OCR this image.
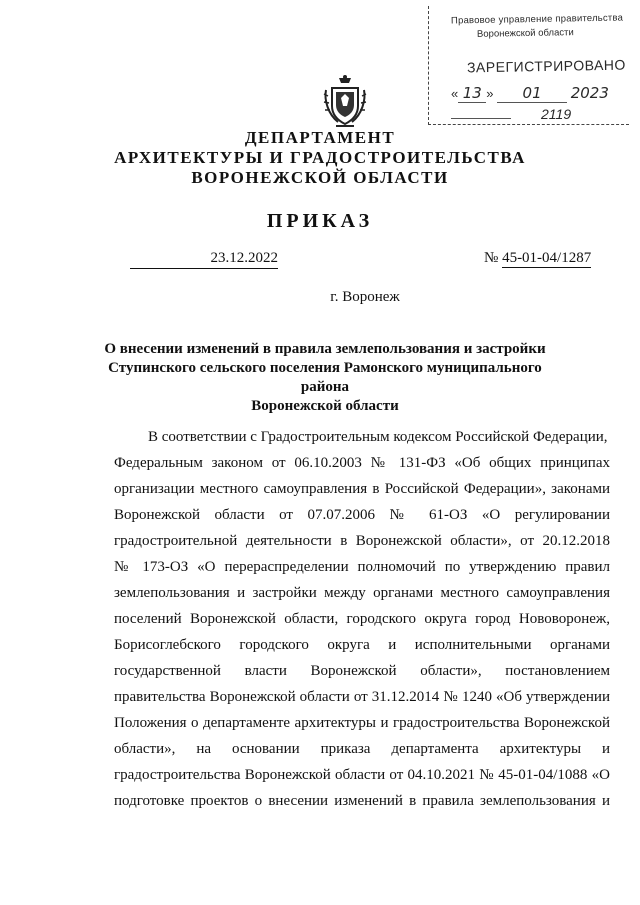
Правовое управление правительства
Воронежской области
ЗАРЕГИСТРИРОВАНО
« 13 » 01 2023
2119
ДЕПАРТАМЕНТ
АРХИТЕКТУРЫ И ГРАДОСТРОИТЕЛЬСТВА
ВОРОНЕЖСКОЙ ОБЛАСТИ
ПРИКАЗ
23.12.2022	№ 45-01-04/1287
г. Воронеж
О внесении изменений в правила землепользования и застройки
Ступинского сельского поселения Рамонского муниципального района
Воронежской области
В соответствии с Градостроительным кодексом Российской Федерации,
Федеральным законом от 06.10.2003 № 131-ФЗ «Об общих принципах
организации местного самоуправления в Российской Федерации», законами
Воронежской области от 07.07.2006 № 61-ОЗ «О регулировании
градостроительной деятельности в Воронежской области», от 20.12.2018
№ 173-ОЗ «О перераспределении полномочий по утверждению правил
землепользования и застройки между органами местного самоуправления
поселений Воронежской области, городского округа город Нововоронеж,
Борисоглебского городского округа и исполнительными органами
государственной власти Воронежской области», постановлением
правительства Воронежской области от 31.12.2014 № 1240 «Об утверждении
Положения о департаменте архитектуры и градостроительства Воронежской
области», на основании приказа департамента архитектуры и
градостроительства Воронежской области от 04.10.2021 № 45-01-04/1088 «О
подготовке проектов о внесении изменений в правила землепользования и
